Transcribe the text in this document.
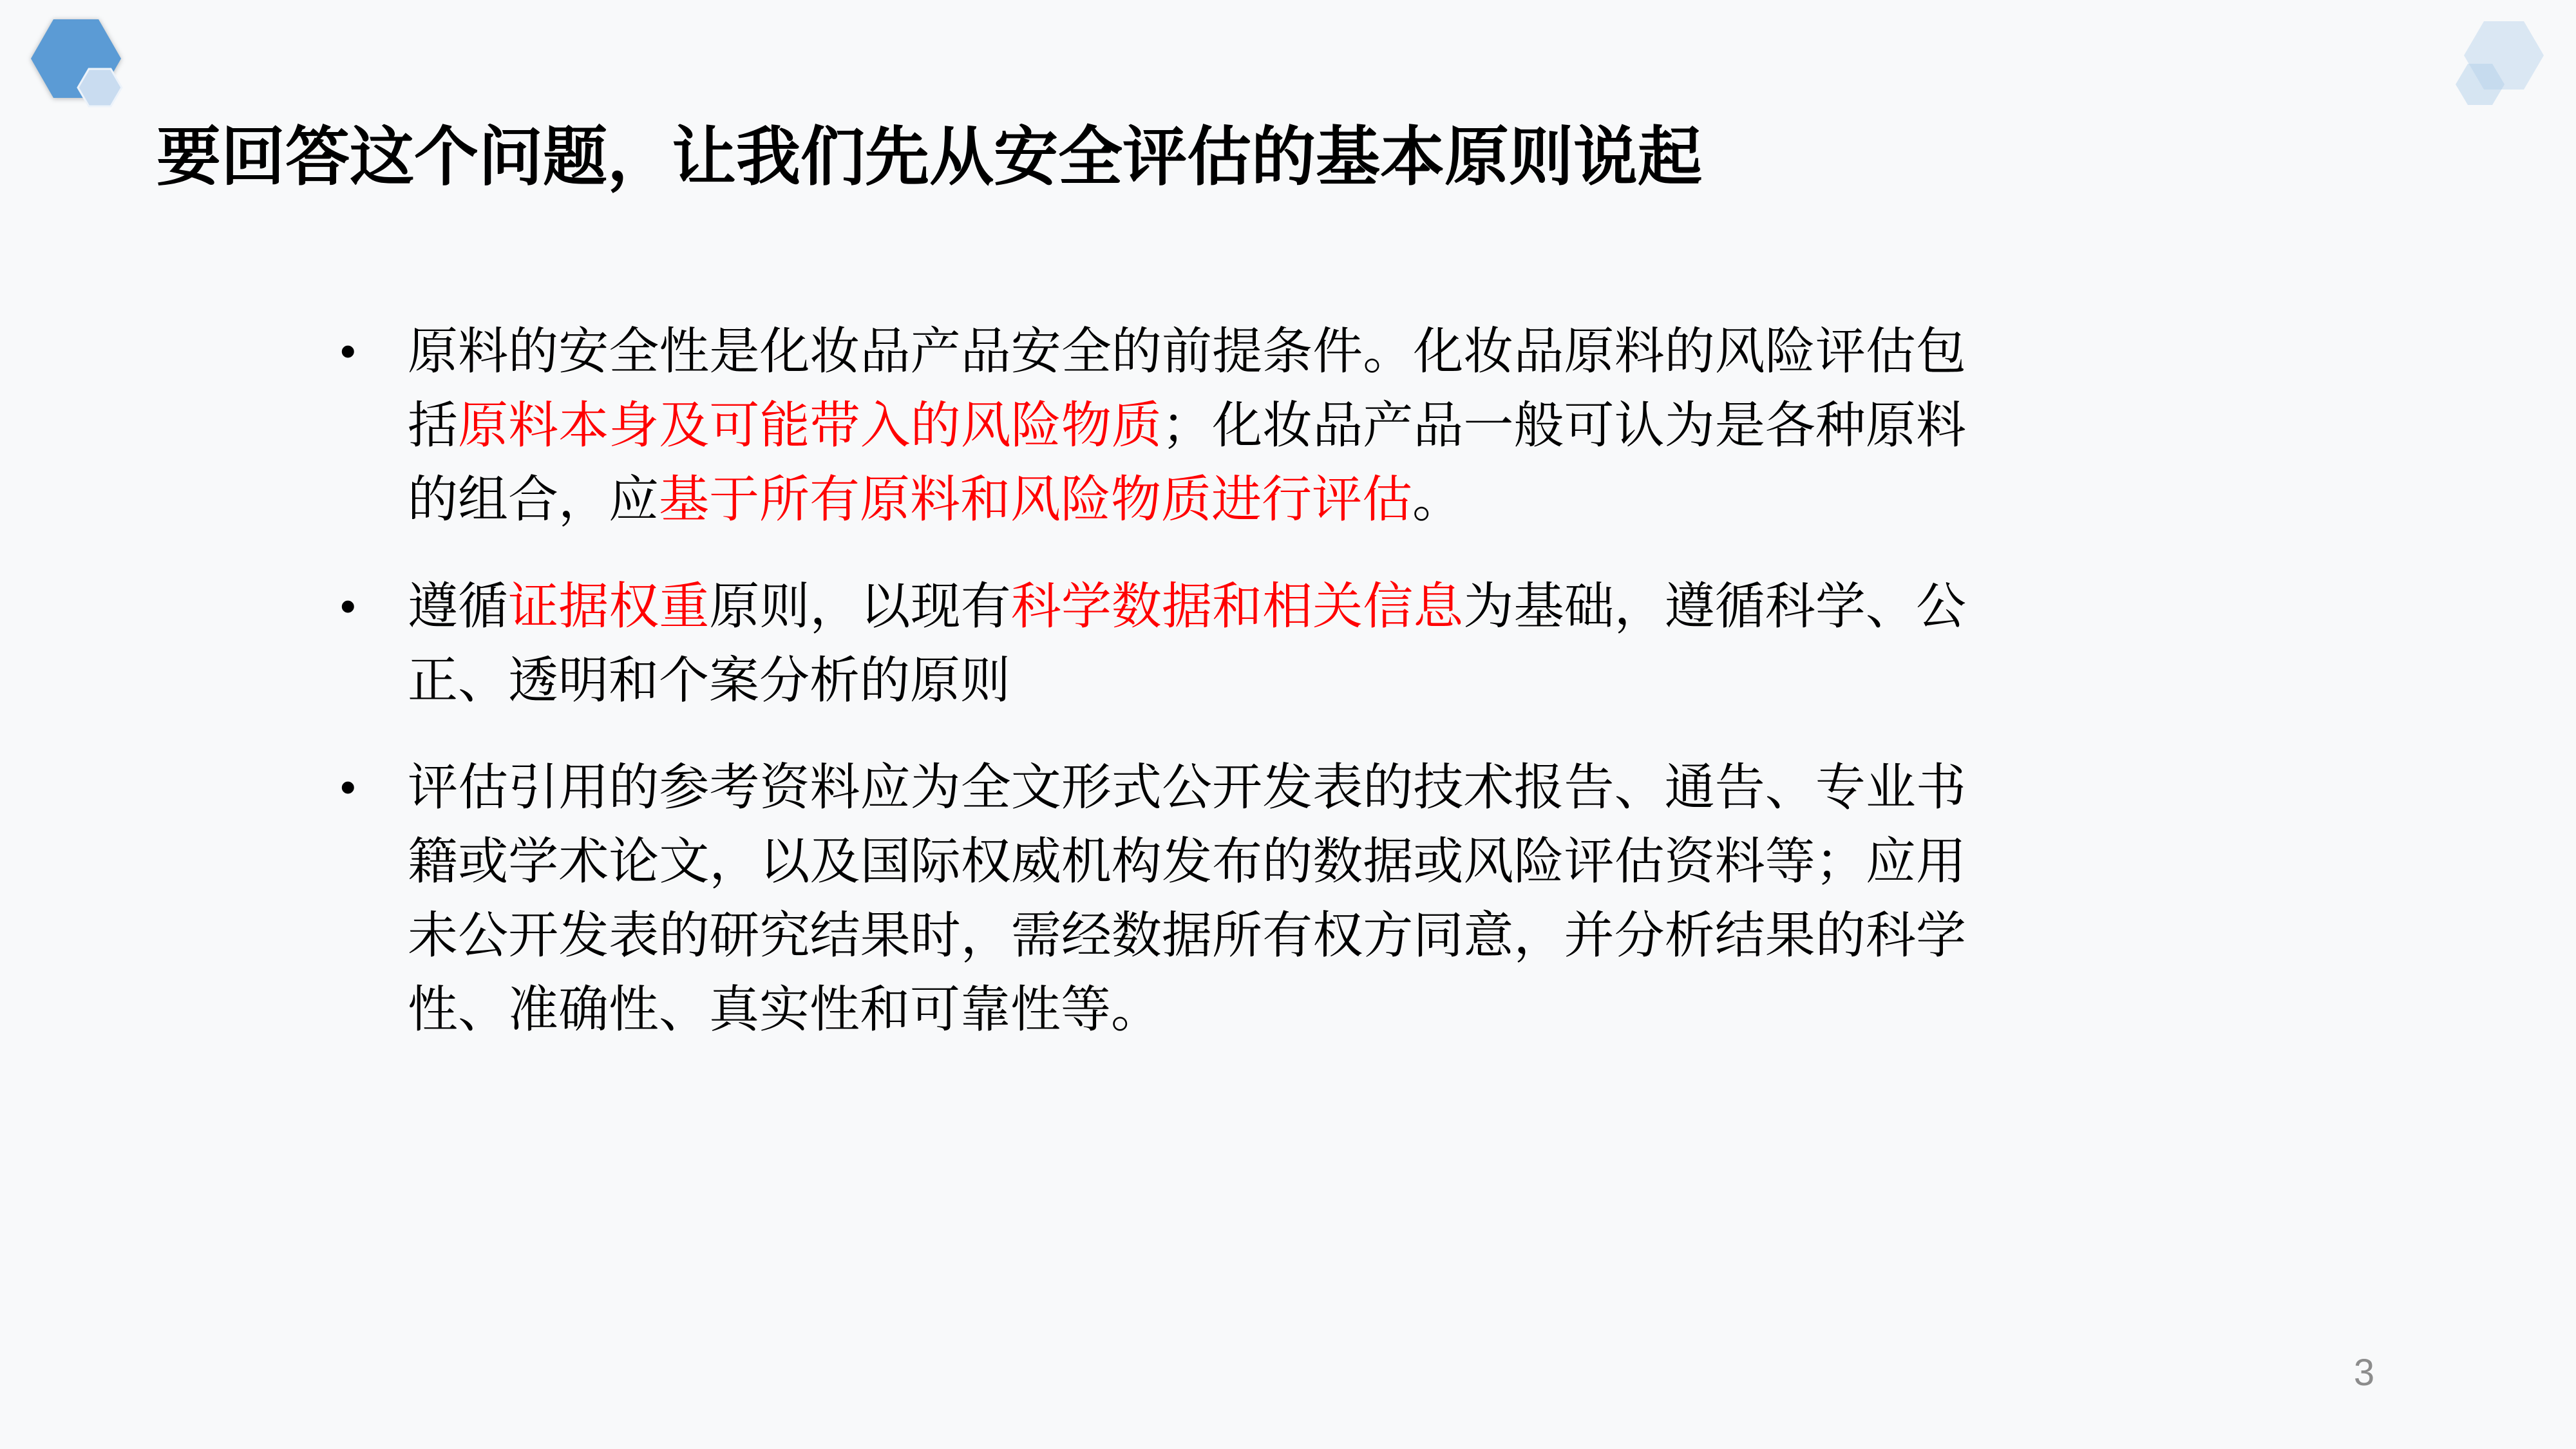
要回答这个问题，让我们先从安全评估的基本原则说起
•	原料的安全性是化妆品产品安全的前提条件。化妆品原料的风险评估包括原料本身及可能带入的风险物质；化妆品产品一般可认为是各种原料的组合，应基于所有原料和风险物质进行评估。
•	遵循证据权重原则，以现有科学数据和相关信息为基础，遵循科学、公正、透明和个案分析的原则
•	评估引用的参考资料应为全文形式公开发表的技术报告、通告、专业书籍或学术论文，以及国际权威机构发布的数据或风险评估资料等；应用未公开发表的研究结果时，需经数据所有权方同意，并分析结果的科学性、准确性、真实性和可靠性等。
3
